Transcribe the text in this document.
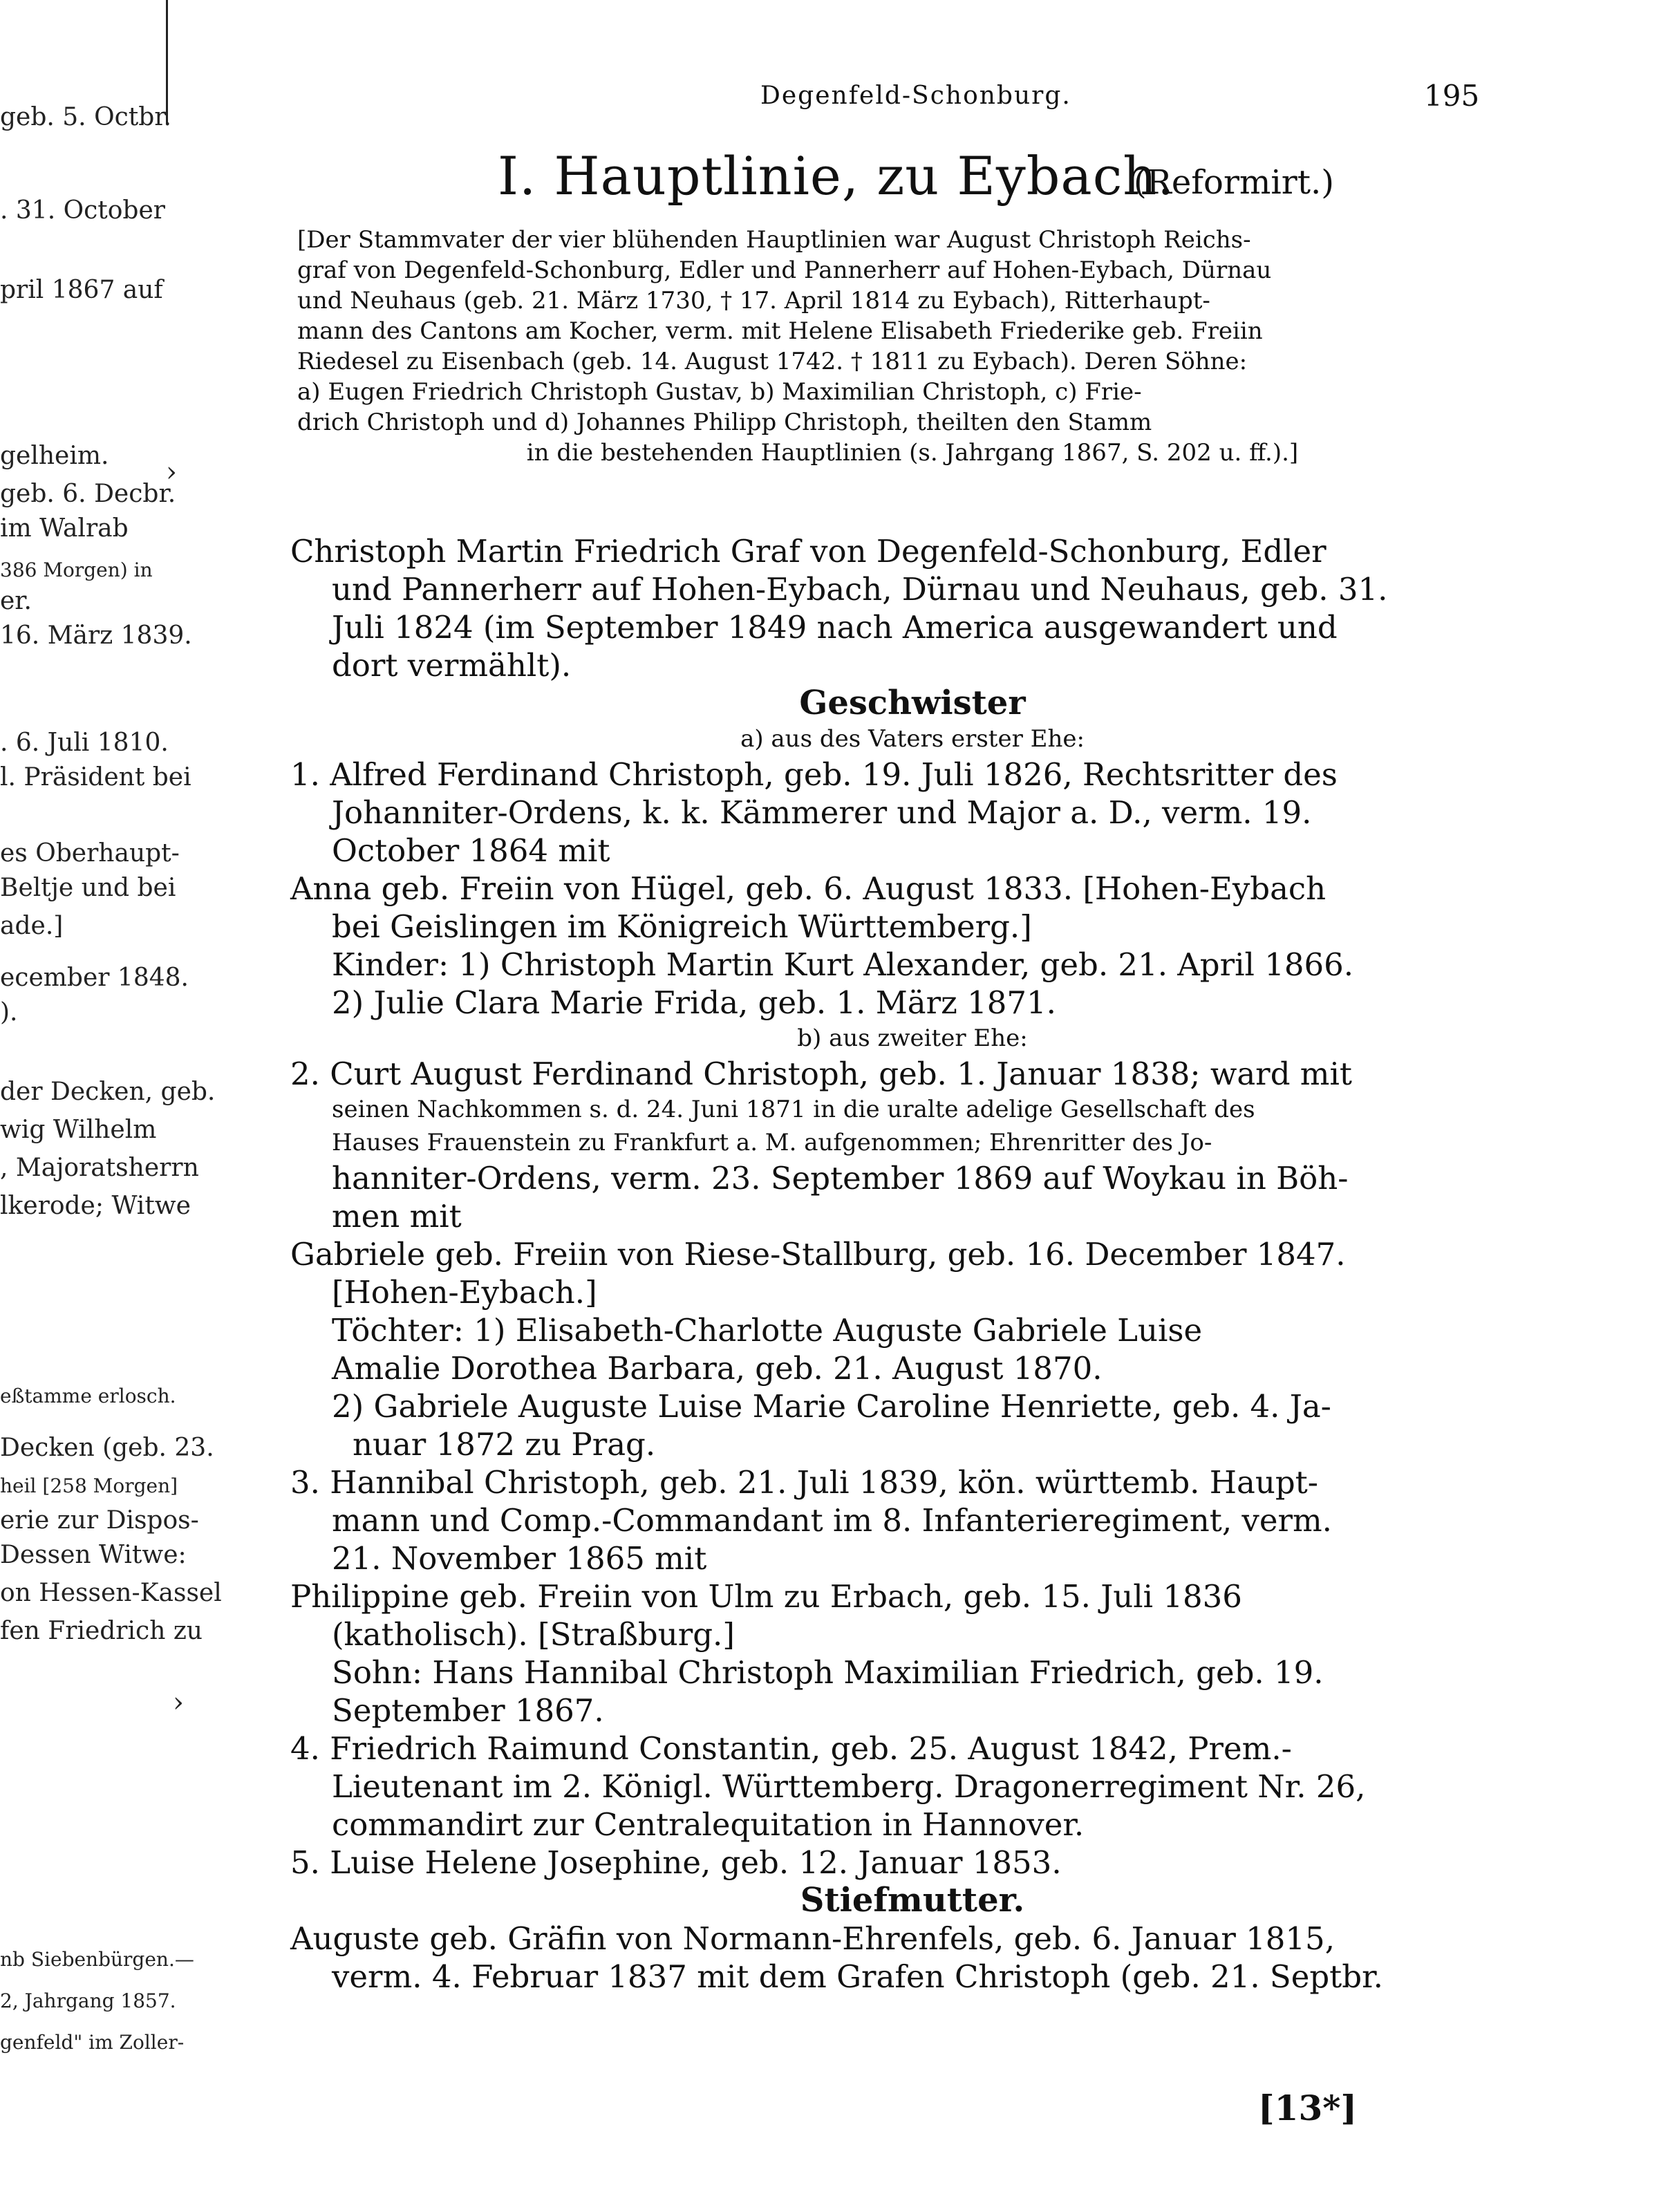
geb. 5. Octbr.
. 31. October
pril 1867 auf
gelheim.
geb. 6. Decbr.
im Walrab
386 Morgen) in
er.
16. März 1839.
. 6. Juli 1810.
l. Präsident bei
es Oberhaupt-
Beltje und bei
ade.]
ecember 1848.
).
der Decken, geb.
wig Wilhelm
, Majoratsherrn
lkerode; Witwe
eßtamme erlosch.
Decken (geb. 23.
heil [258 Morgen]
erie zur Dispos-
Dessen Witwe:
on Hessen-Kassel
fen Friedrich zu
nb Siebenbürgen.—
2, Jahrgang 1857.
genfeld" im Zoller-
›
›
Degenfeld-Schonburg.	195
I. Hauptlinie, zu Eybach.
(Reformirt.)
[Der Stammvater der vier blühenden Hauptlinien war August Christoph Reichs-
graf von Degenfeld-Schonburg, Edler und Pannerherr auf Hohen-Eybach, Dürnau
und Neuhaus (geb. 21. März 1730, † 17. April 1814 zu Eybach), Ritterhaupt-
mann des Cantons am Kocher, verm. mit Helene Elisabeth Friederike geb. Freiin
Riedesel zu Eisenbach (geb. 14. August 1742. † 1811 zu Eybach). Deren Söhne:
a) Eugen Friedrich Christoph Gustav, b) Maximilian Christoph, c) Frie-
drich Christoph und d) Johannes Philipp Christoph, theilten den Stamm
in die bestehenden Hauptlinien (s. Jahrgang 1867, S. 202 u. ff.).]
Christoph Martin Friedrich Graf von Degenfeld-Schonburg, Edler
und Pannerherr auf Hohen-Eybach, Dürnau und Neuhaus, geb. 31.
Juli 1824 (im September 1849 nach America ausgewandert und
dort vermählt).
Geschwister
a) aus des Vaters erster Ehe:
1. Alfred Ferdinand Christoph, geb. 19. Juli 1826, Rechtsritter des
Johanniter-Ordens, k. k. Kämmerer und Major a. D., verm. 19.
October 1864 mit
Anna geb. Freiin von Hügel, geb. 6. August 1833. [Hohen-Eybach
bei Geislingen im Königreich Württemberg.]
Kinder: 1) Christoph Martin Kurt Alexander, geb. 21. April 1866.
2) Julie Clara Marie Frida, geb. 1. März 1871.
b) aus zweiter Ehe:
2. Curt August Ferdinand Christoph, geb. 1. Januar 1838; ward mit
seinen Nachkommen s. d. 24. Juni 1871 in die uralte adelige Gesellschaft des
Hauses Frauenstein zu Frankfurt a. M. aufgenommen; Ehrenritter des Jo-
hanniter-Ordens, verm. 23. September 1869 auf Woykau in Böh-
men mit
Gabriele geb. Freiin von Riese-Stallburg, geb. 16. December 1847.
[Hohen-Eybach.]
Töchter: 1) Elisabeth-Charlotte Auguste Gabriele Luise
Amalie Dorothea Barbara, geb. 21. August 1870.
2) Gabriele Auguste Luise Marie Caroline Henriette, geb. 4. Ja-
nuar 1872 zu Prag.
3. Hannibal Christoph, geb. 21. Juli 1839, kön. württemb. Haupt-
mann und Comp.-Commandant im 8. Infanterieregiment, verm.
21. November 1865 mit
Philippine geb. Freiin von Ulm zu Erbach, geb. 15. Juli 1836
(katholisch). [Straßburg.]
Sohn: Hans Hannibal Christoph Maximilian Friedrich, geb. 19.
September 1867.
4. Friedrich Raimund Constantin, geb. 25. August 1842, Prem.-
Lieutenant im 2. Königl. Württemberg. Dragonerregiment Nr. 26,
commandirt zur Centralequitation in Hannover.
5. Luise Helene Josephine, geb. 12. Januar 1853.
Stiefmutter.
Auguste geb. Gräfin von Normann-Ehrenfels, geb. 6. Januar 1815,
verm. 4. Februar 1837 mit dem Grafen Christoph (geb. 21. Septbr.
[13*]
